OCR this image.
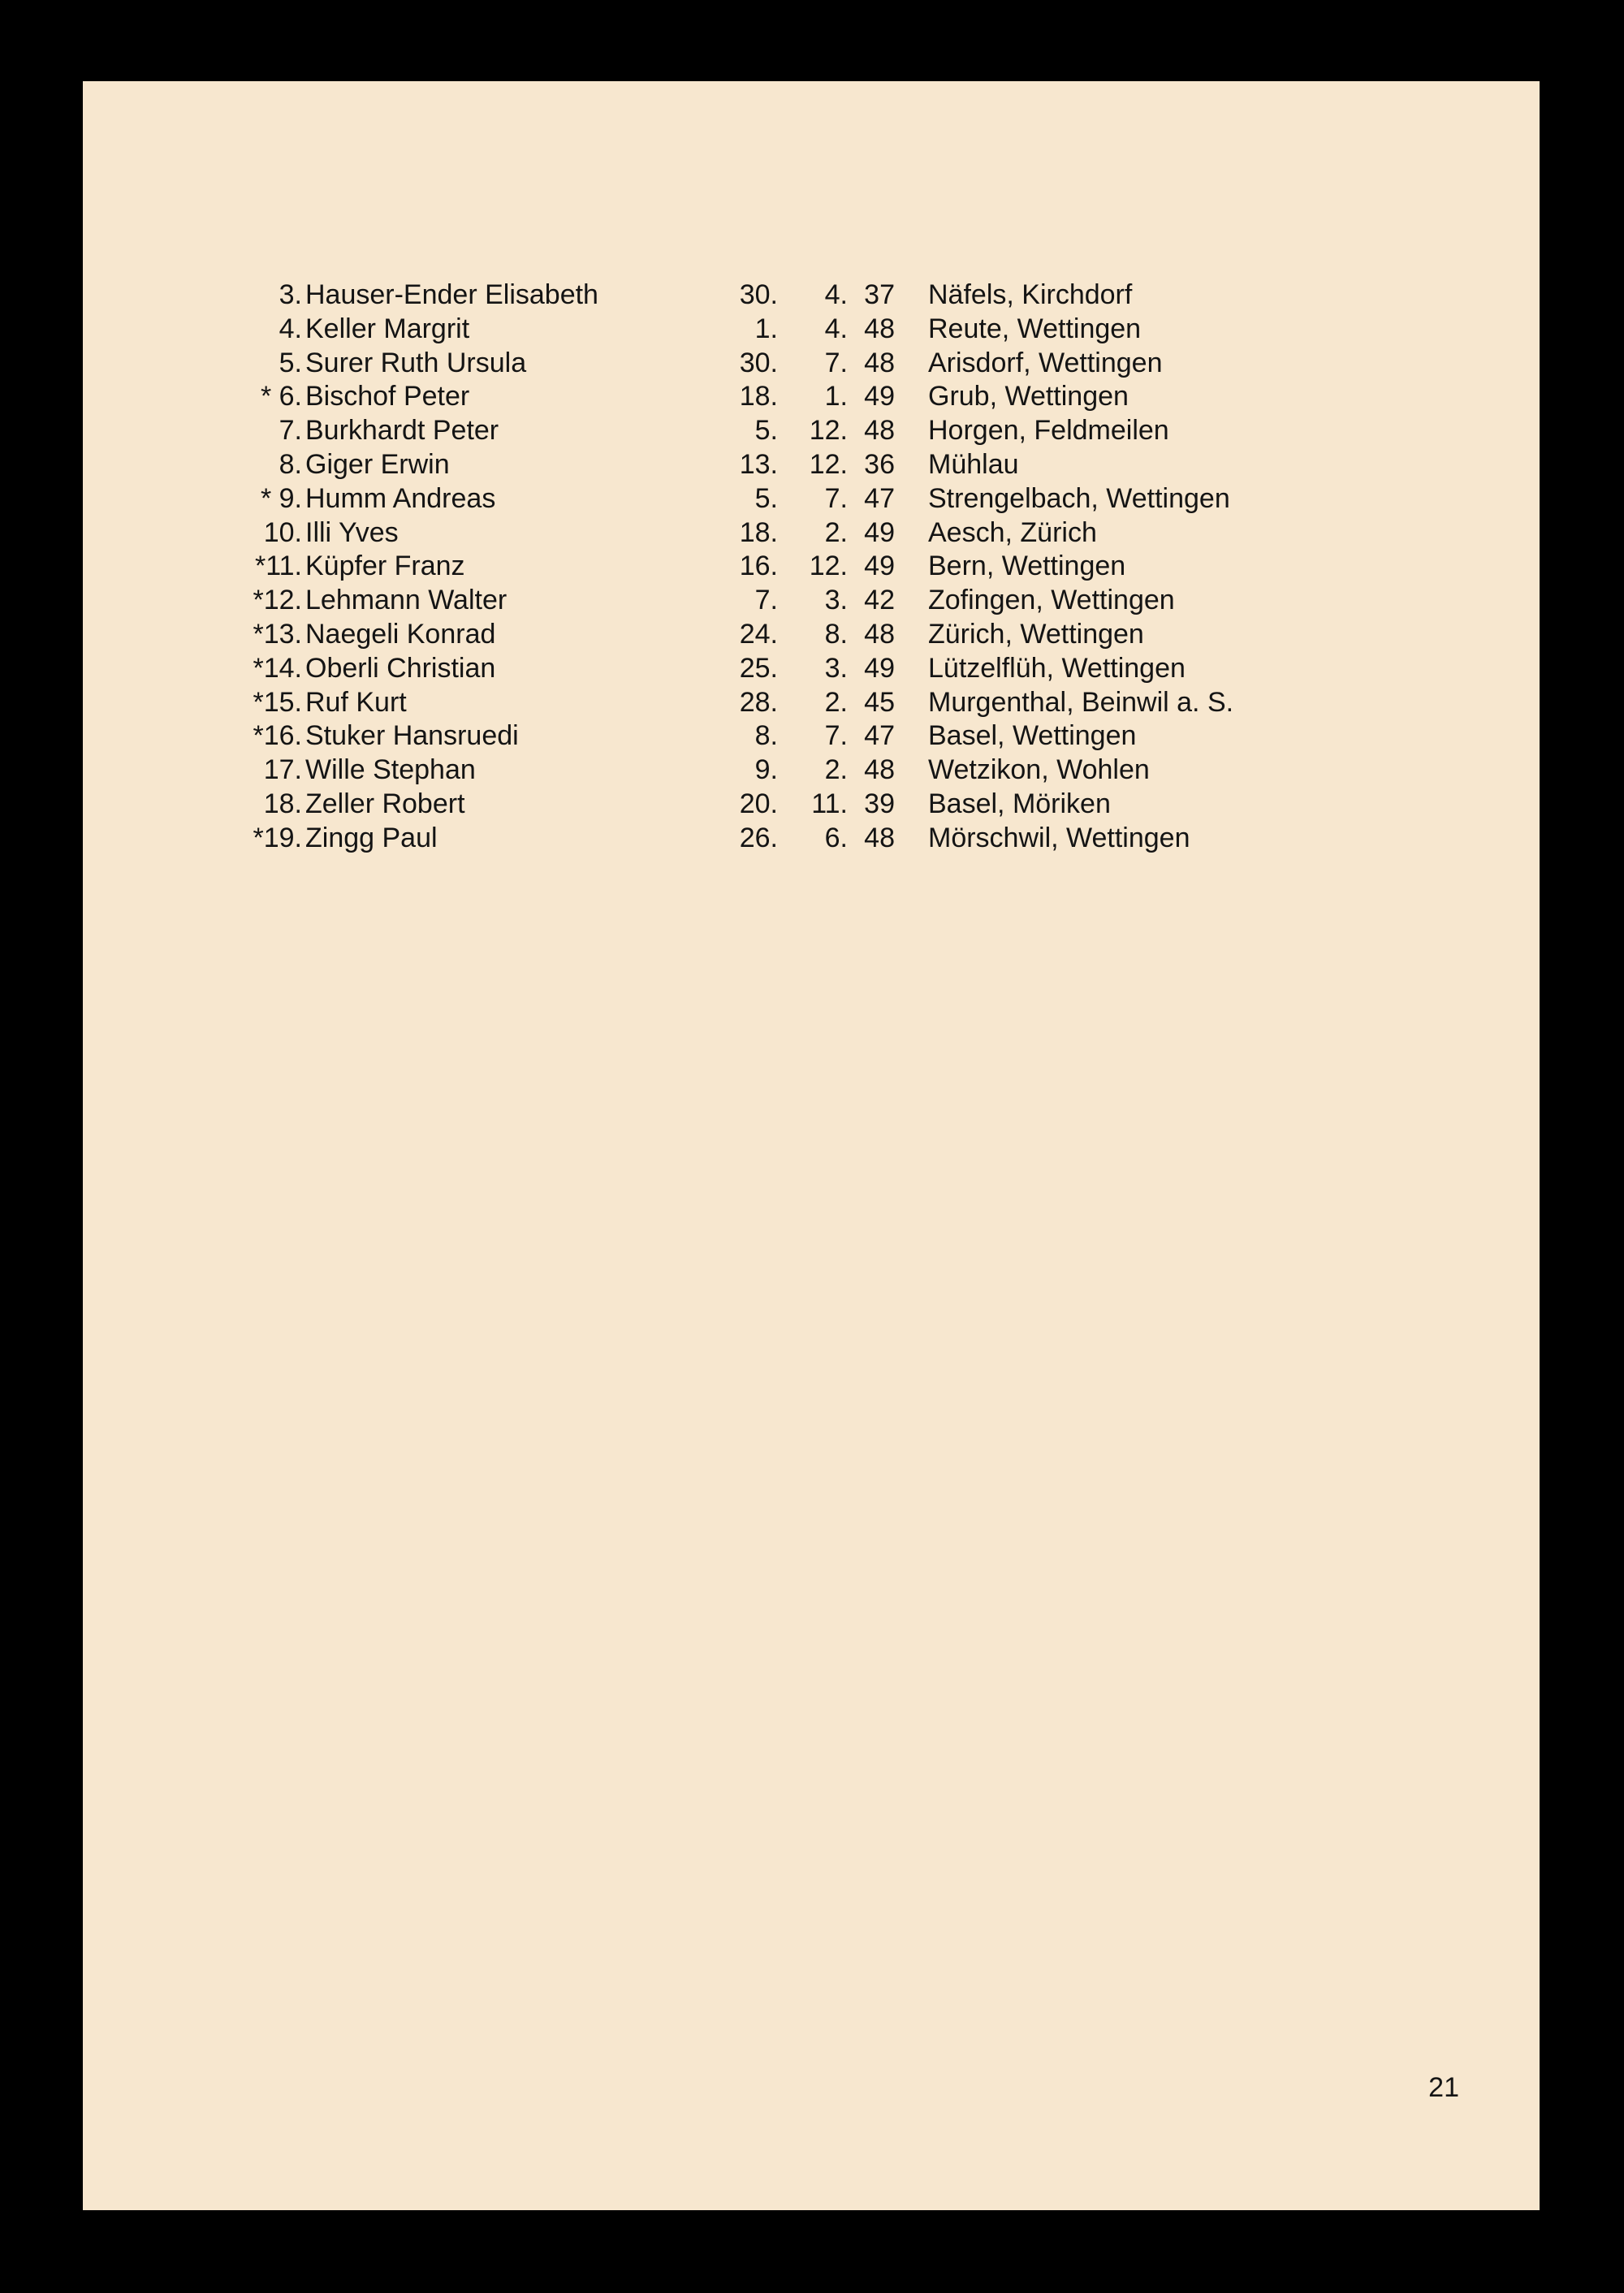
3. Hauser-Ender Elisabeth	30.	4. 37 Näfels, Kirchdorf
4. Keller Margrit	1.	4. 48 Reute, Wettingen
5. Surer Ruth Ursula	30.	7. 48 Arisdorf, Wettingen
* 6. Bischof Peter	18.	1. 49 Grub, Wettingen
7. Burkhardt Peter	5.	12. 48 Horgen, Feldmeilen
8. Giger Erwin	13.	12. 36 Mühlau
* 9. Humm Andreas	5.	7. 47 Strengelbach, Wettingen
10. Illi Yves	18.	2. 49 Aesch, Zürich
*11. Küpfer Franz	16.	12. 49 Bern, Wettingen
*12. Lehmann Walter	7.	3. 42 Zofingen, Wettingen
*13. Naegeli Konrad	24.	8. 48 Zürich, Wettingen
*14. Oberli Christian	25.	3. 49 Lützelflüh, Wettingen
*15. Ruf Kurt	28.	2. 45 Murgenthal, Beinwil a. S.
*16. Stuker Hansruedi	8.	7. 47 Basel, Wettingen
17. Wille Stephan	9.	2. 48 Wetzikon, Wohlen
18. Zeller Robert	20.	11. 39 Basel, Möriken
*19. Zingg Paul	26.	6. 48 Mörschwil, Wettingen
21
